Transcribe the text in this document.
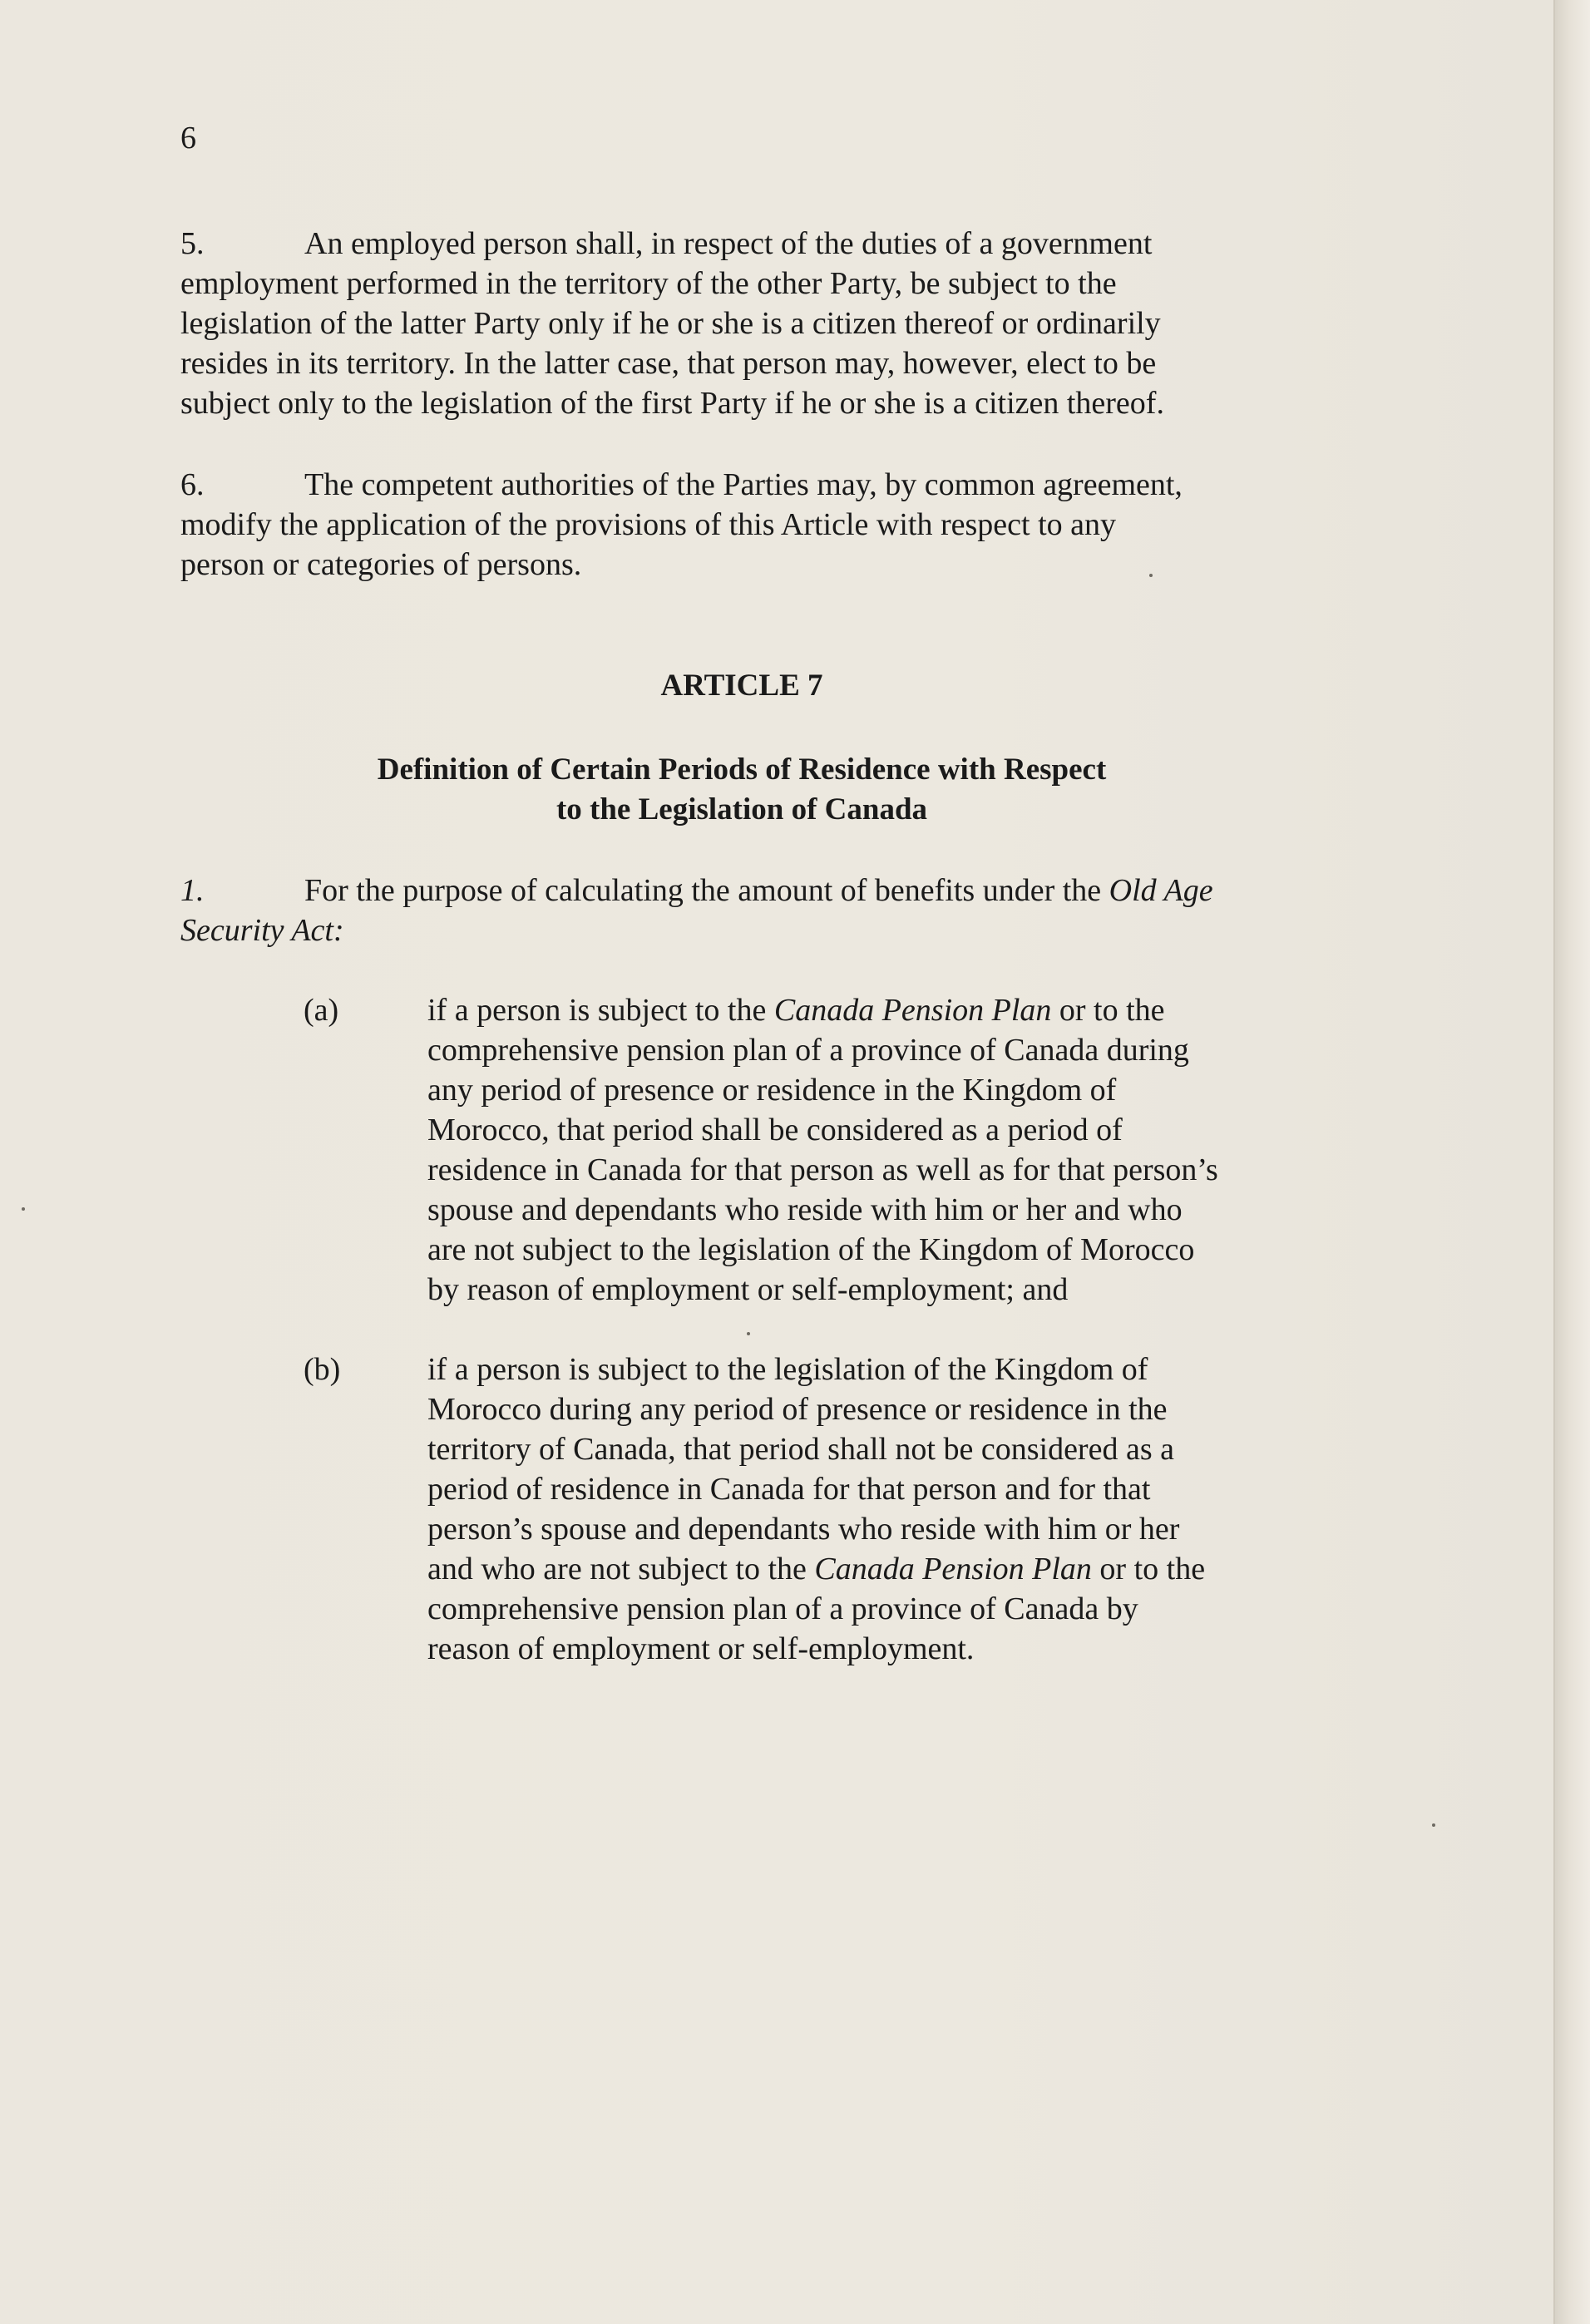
6
5.	An employed person shall, in respect of the duties of a government
employment performed in the territory of the other Party, be subject to the
legislation of the latter Party only if he or she is a citizen thereof or ordinarily
resides in its territory. In the latter case, that person may, however, elect to be
subject only to the legislation of the first Party if he or she is a citizen thereof.
6.	The competent authorities of the Parties may, by common agreement,
modify the application of the provisions of this Article with respect to any
person or categories of persons.
ARTICLE 7
Definition of Certain Periods of Residence with Respect
to the Legislation of Canada
1.	For the purpose of calculating the amount of benefits under the Old Age
Security Act:
(a)	if a person is subject to the Canada Pension Plan or to the
comprehensive pension plan of a province of Canada during
any period of presence or residence in the Kingdom of
Morocco, that period shall be considered as a period of
residence in Canada for that person as well as for that person’s
spouse and dependants who reside with him or her and who
are not subject to the legislation of the Kingdom of Morocco
by reason of employment or self-employment; and
(b)	if a person is subject to the legislation of the Kingdom of
Morocco during any period of presence or residence in the
territory of Canada, that period shall not be considered as a
period of residence in Canada for that person and for that
person’s spouse and dependants who reside with him or her
and who are not subject to the Canada Pension Plan or to the
comprehensive pension plan of a province of Canada by
reason of employment or self-employment.
